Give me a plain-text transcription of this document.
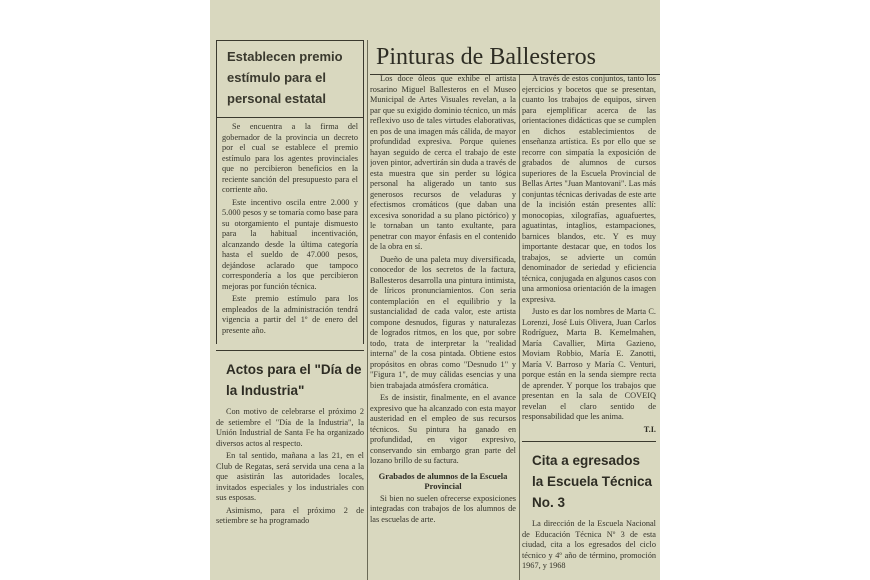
Establecen premio estímulo para el personal estatal

Se encuentra a la firma del gobernador de la provincia un decreto por el cual se establece el premio estímulo para los agentes provinciales que no percibieron beneficios en la reciente sanción del presupuesto para el corriente año.

Este incentivo oscila entre 2.000 y 5.000 pesos y se tomaría como base para su otorgamiento el puntaje dismuesto para la habitual incentivación, alcanzando desde la última categoría hasta el sueldo de 47.000 pesos, dejándose aclarado que tampoco correspondería a los que percibieron mejoras por función técnica.

Este premio estímulo para los empleados de la administración tendrá vigencia a partir del 1º de enero del presente año.

Actos para el "Día de la Industria"

Con motivo de celebrarse el próximo 2 de setiembre el "Día de la Industria", la Unión Industrial de Santa Fe ha organizado diversos actos al respecto.

En tal sentido, mañana a las 21, en el Club de Regatas, será servida una cena a la que asistirán las autoridades locales, invitados especiales y los industriales con sus esposas.

Asimismo, para el próximo 2 de setiembre se ha programado

Pinturas de Ballesteros

Los doce óleos que exhibe el artista rosarino Miguel Ballesteros en el Museo Municipal de Artes Visuales revelan, a la par que su exigido dominio técnico, un más reflexivo uso de tales virtudes elaborativas, en pos de una imagen más cálida, de mayor profundidad expresiva. Porque quienes hayan seguido de cerca el trabajo de este joven pintor, advertirán sin duda a través de esta muestra que sin perder su lógica personal ha aligerado un tanto sus generosos recursos de veladuras y efectismos cromáticos (que daban una excesiva sonoridad a su plano pictórico) y le tornaban un tanto exultante, para penetrar con mayor énfasis en el contenido de la obra en sí.

Dueño de una paleta muy diversificada, conocedor de los secretos de la factura, Ballesteros desarrolla una pintura intimista, de líricos pronunciamientos. Con seria contemplación en el equilibrio y la sustancialidad de cada valor, este artista compone desnudos, figuras y naturalezas de logrados ritmos, en los que, por sobre todo, trata de interpretar la "realidad interna" de la cosa pintada. Obtiene estos propósitos en obras como "Desnudo 1" y "Figura 1", de muy cálidas esencias y una bien trabajada atmósfera cromática.

Es de insistir, finalmente, en el avance expresivo que ha alcanzado con esta mayor austeridad en el empleo de sus recursos técnicos. Su pintura ha ganado en profundidad, en vigor expresivo, conservando sin embargo gran parte del lozano brillo de su factura.

Grabados de alumnos de la Escuela Provincial

Si bien no suelen ofrecerse exposiciones integradas con trabajos de los alumnos de las escuelas de arte.

A través de estos conjuntos, tanto los ejercicios y bocetos que se presentan, cuanto los trabajos de equipos, sirven para ejemplificar acerca de las orientaciones didácticas que se cumplen en dichos establecimientos de enseñanza artística. Es por ello que se recorre con simpatía la exposición de grabados de alumnos de cursos superiores de la Escuela Provincial de Bellas Artes "Juan Mantovani". Las más conjuntas técnicas derivadas de este arte de la incisión están presentes allí: monocopias, xilografías, aguafuertes, aguatintas, intaglios, estampaciones, barnices blandos, etc. Y es muy importante destacar que, en todos los trabajos, se advierte un común denominador de seriedad y eficiencia técnica, conjugada en algunos casos con una armoniosa orientación de la imagen expresiva.

Justo es dar los nombres de Marta C. Lorenzi, José Luis Olivera, Juan Carlos Rodríguez, Marta B. Kemelmahen, María Cavallier, Mirta Gazieno, Moviam Robbio, María E. Zanotti, María V. Barroso y María C. Venturi, porque están en la senda siempre recta de aprender. Y porque los trabajos que presentan en la sala de COVEIQ revelan el claro sentido de responsabilidad que les anima.

T.I.
Cita a egresados la Escuela Técnica No. 3

La dirección de la Escuela Nacional de Educación Técnica Nº 3 de esta ciudad, cita a los egresados del ciclo técnico y 4º año de término, promoción 1967, y 1968
